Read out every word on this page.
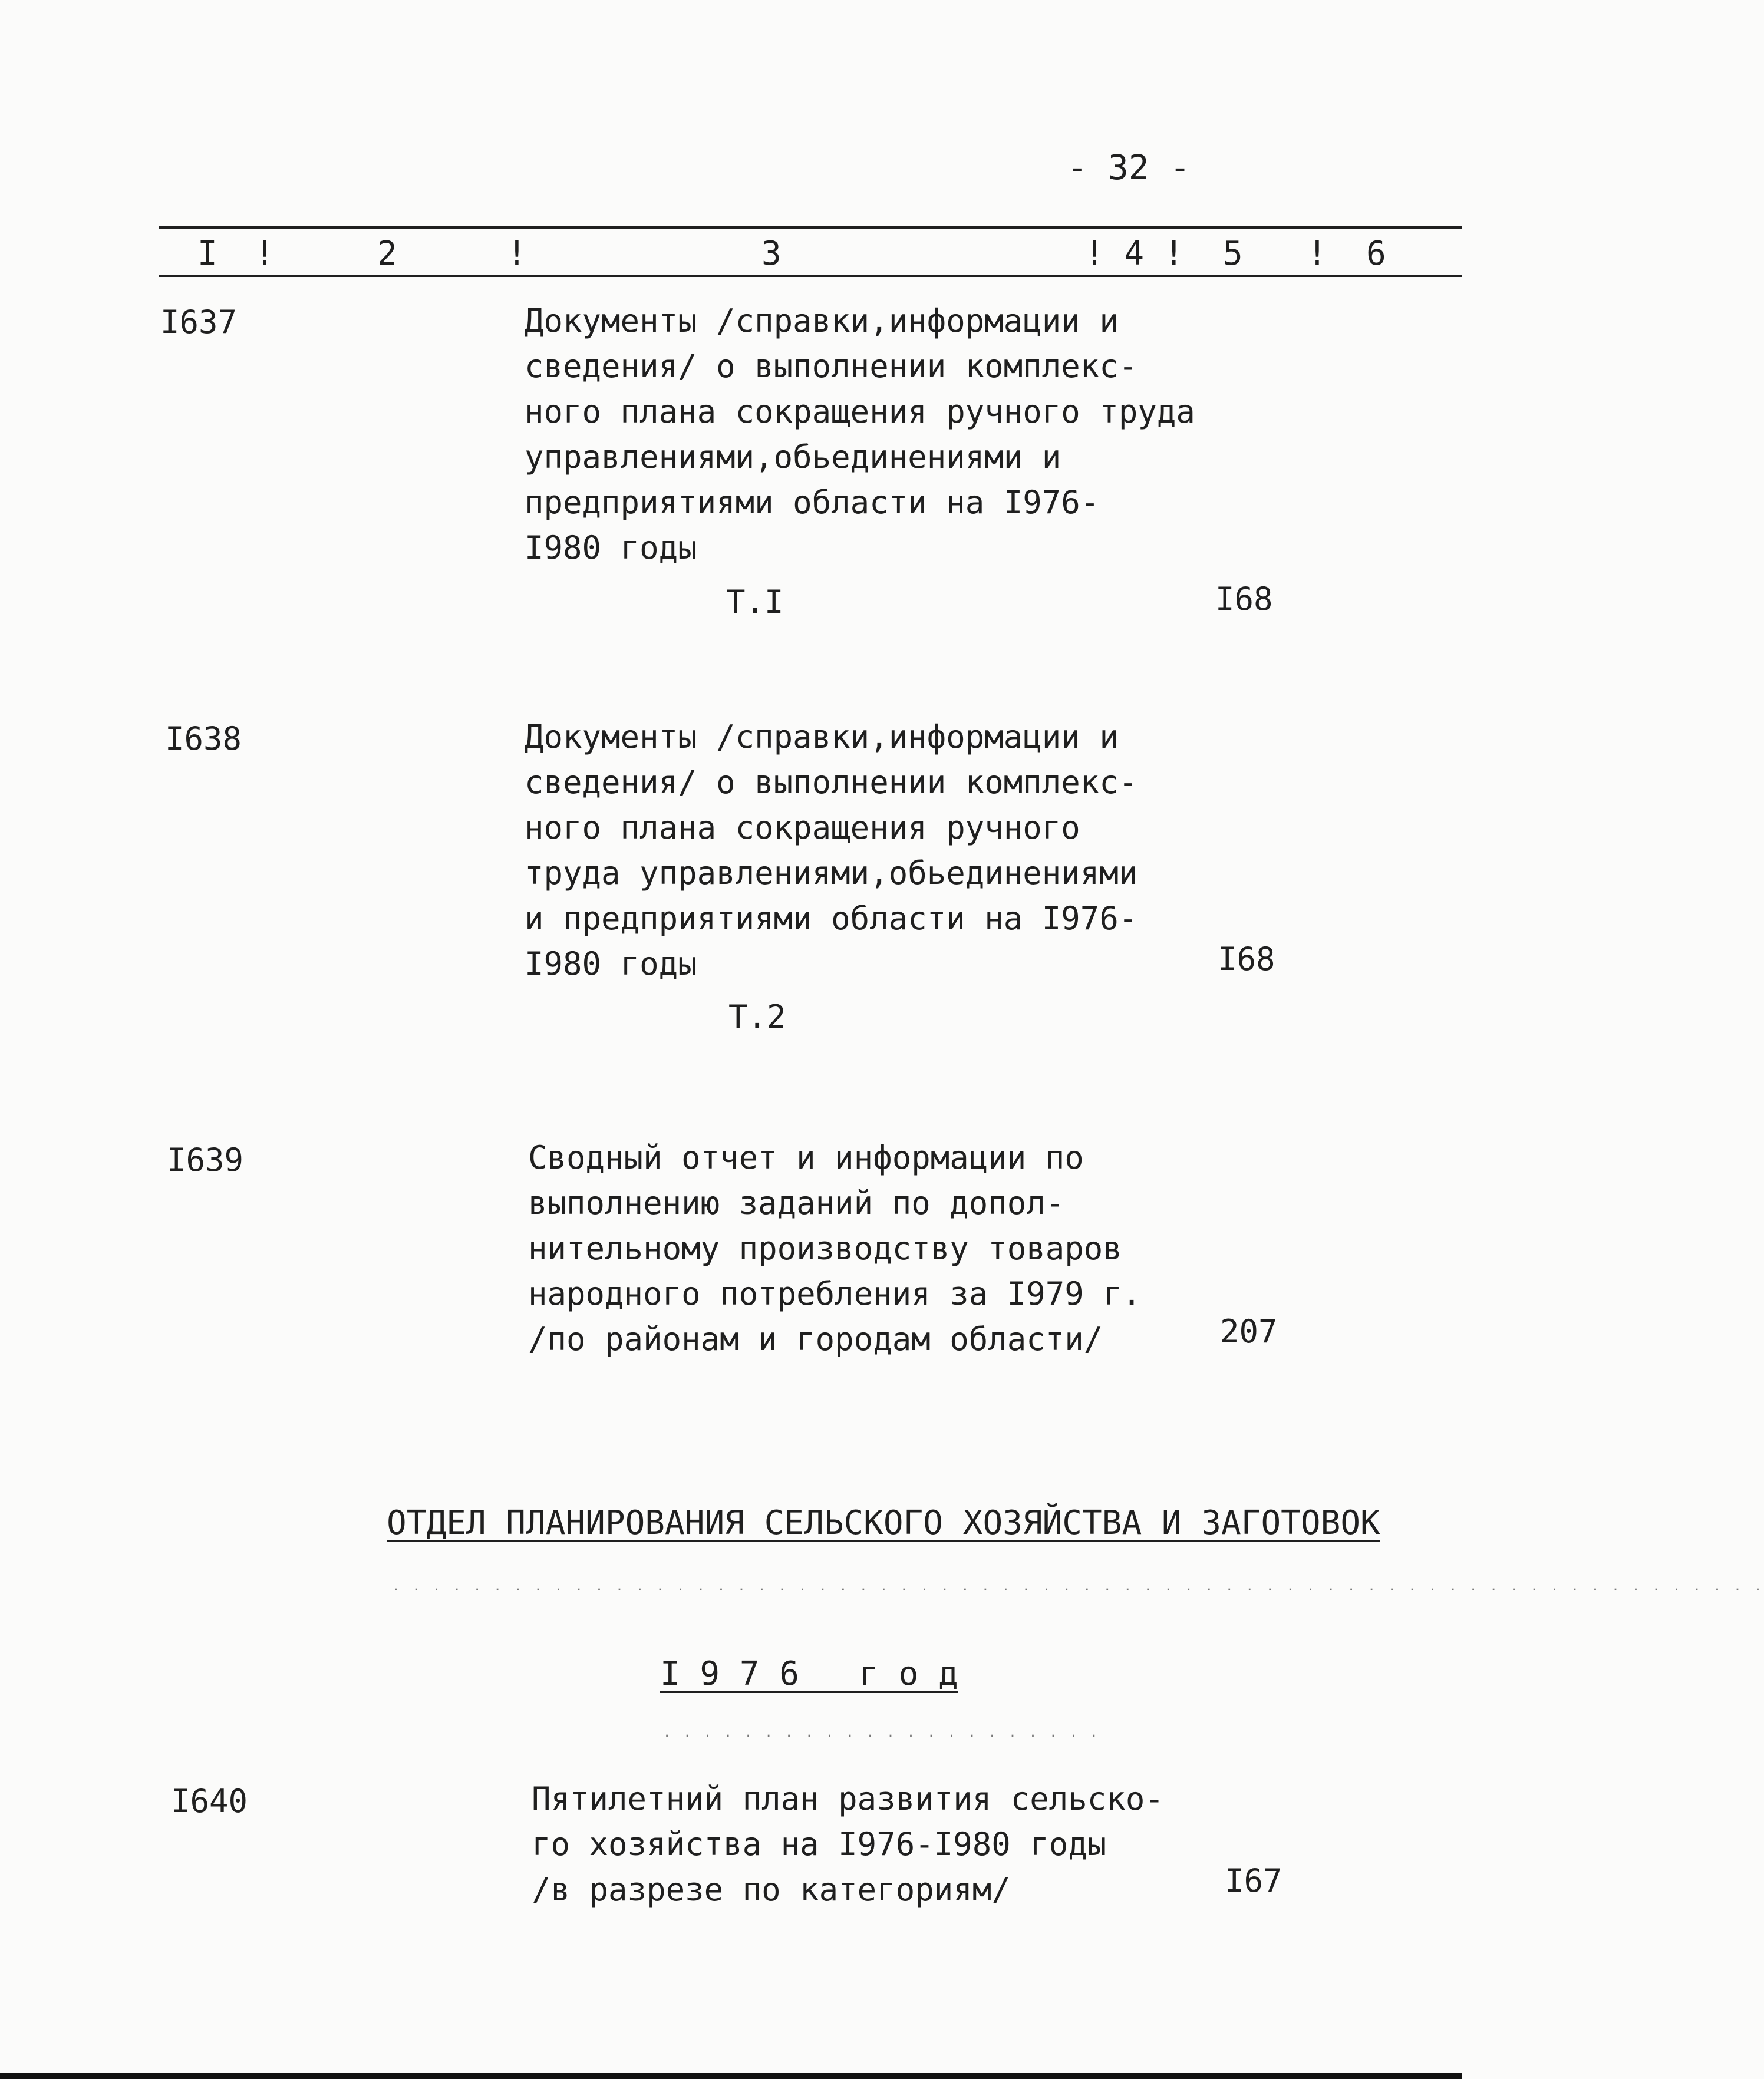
- 32 -
I !	2	!	3	! 4 ! 5 ! 6
I637	Документы /справки,информации и
сведения/ о выполнении комплекс-
ного плана сокращения ручного труда
управлениями,обьединениями и
предприятиями области на I976-
I980 годы
Т.I	I68
I638	Документы /справки,информации и
сведения/ о выполнении комплекс-
ного плана сокращения ручного
труда управлениями,обьединениями
и предприятиями области на I976-
I980 годы	I68
Т.2
I639	Сводный отчет и информации по
выполнению заданий по допол-
нительному производству товаров
народного потребления за I979 г.
/по районам и городам области/	207
ОТДЕЛ ПЛАНИРОВАНИЯ СЕЛЬСКОГО ХОЗЯЙСТВА И ЗАГОТОВОК
. . . . . . . . . . . . . . . . . . . . . . . . . . . . . . . . . . . . . . . . . . . . . . . . . . . . . . . . . . . . . . . . . . . .
I 9 7 6   г о д
. . . . . . . . . . . . . . . . . . . . . .
I640	Пятилетний план развития сельско-
го хозяйства на I976-I980 годы
/в разрезе по категориям/	I67
